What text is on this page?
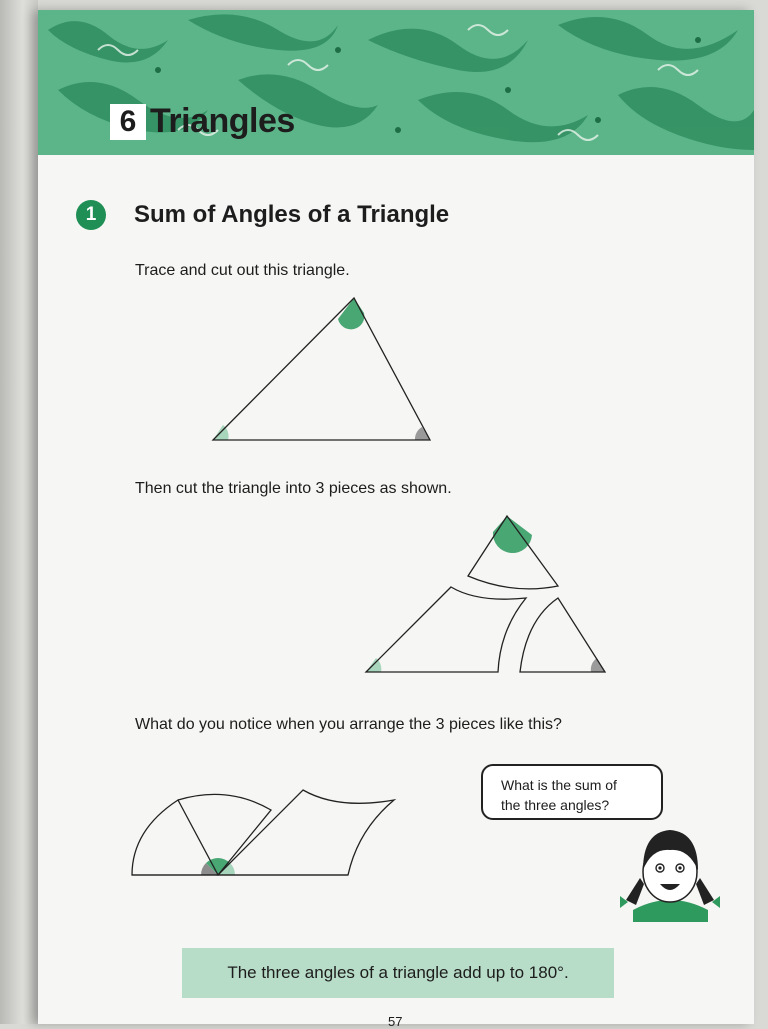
6 Triangles
1	Sum of Angles of a Triangle
Trace and cut out this triangle.
Then cut the triangle into 3 pieces as shown.
What do you notice when you arrange the 3 pieces like this?
What is the sum of
the three angles?
The three angles of a triangle add up to 180°.
57
